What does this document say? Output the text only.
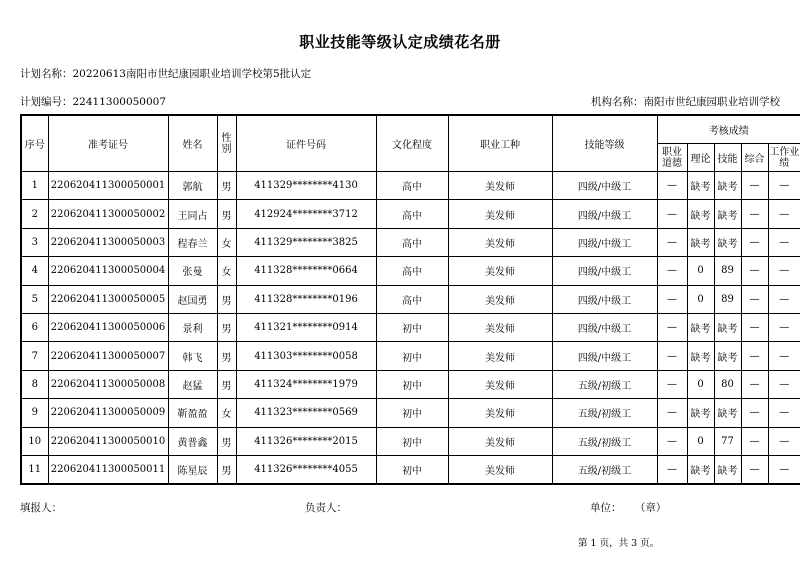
职业技能等级认定成绩花名册
计划名称：20220613南阳市世纪康园职业培训学校第5批认定
计划编号：22411300050007	机构名称：南阳市世纪康园职业培训学校
序号	准考证号	姓名	性别	证件号码	文化程度	职业工种	技能等级	考核成绩				
								职业道德	理论	技能	综合	工作业绩
1	220620411300050001	郭航	男	411329********4130	高中	美发师	四级/中级工	—	缺考	缺考	—	—
2	220620411300050002	王同占	男	412924********3712	高中	美发师	四级/中级工	—	缺考	缺考	—	—
3	220620411300050003	程春兰	女	411329********3825	高中	美发师	四级/中级工	—	缺考	缺考	—	—
4	220620411300050004	张曼	女	411328********0664	高中	美发师	四级/中级工	—	0	89	—	—
5	220620411300050005	赵国勇	男	411328********0196	高中	美发师	四级/中级工	—	0	89	—	—
6	220620411300050006	景利	男	411321********0914	初中	美发师	四级/中级工	—	缺考	缺考	—	—
7	220620411300050007	韩飞	男	411303********0058	初中	美发师	四级/中级工	—	缺考	缺考	—	—
8	220620411300050008	赵猛	男	411324********1979	初中	美发师	五级/初级工	—	0	80	—	—
9	220620411300050009	靳盈盈	女	411323********0569	初中	美发师	五级/初级工	—	缺考	缺考	—	—
10	220620411300050010	黄普鑫	男	411326********2015	初中	美发师	五级/初级工	—	0	77	—	—
11	220620411300050011	陈星辰	男	411326********4055	初中	美发师	五级/初级工	—	缺考	缺考	—	—
填报人：	负责人：	单位：    （章）
第 1 页，共 3 页。
